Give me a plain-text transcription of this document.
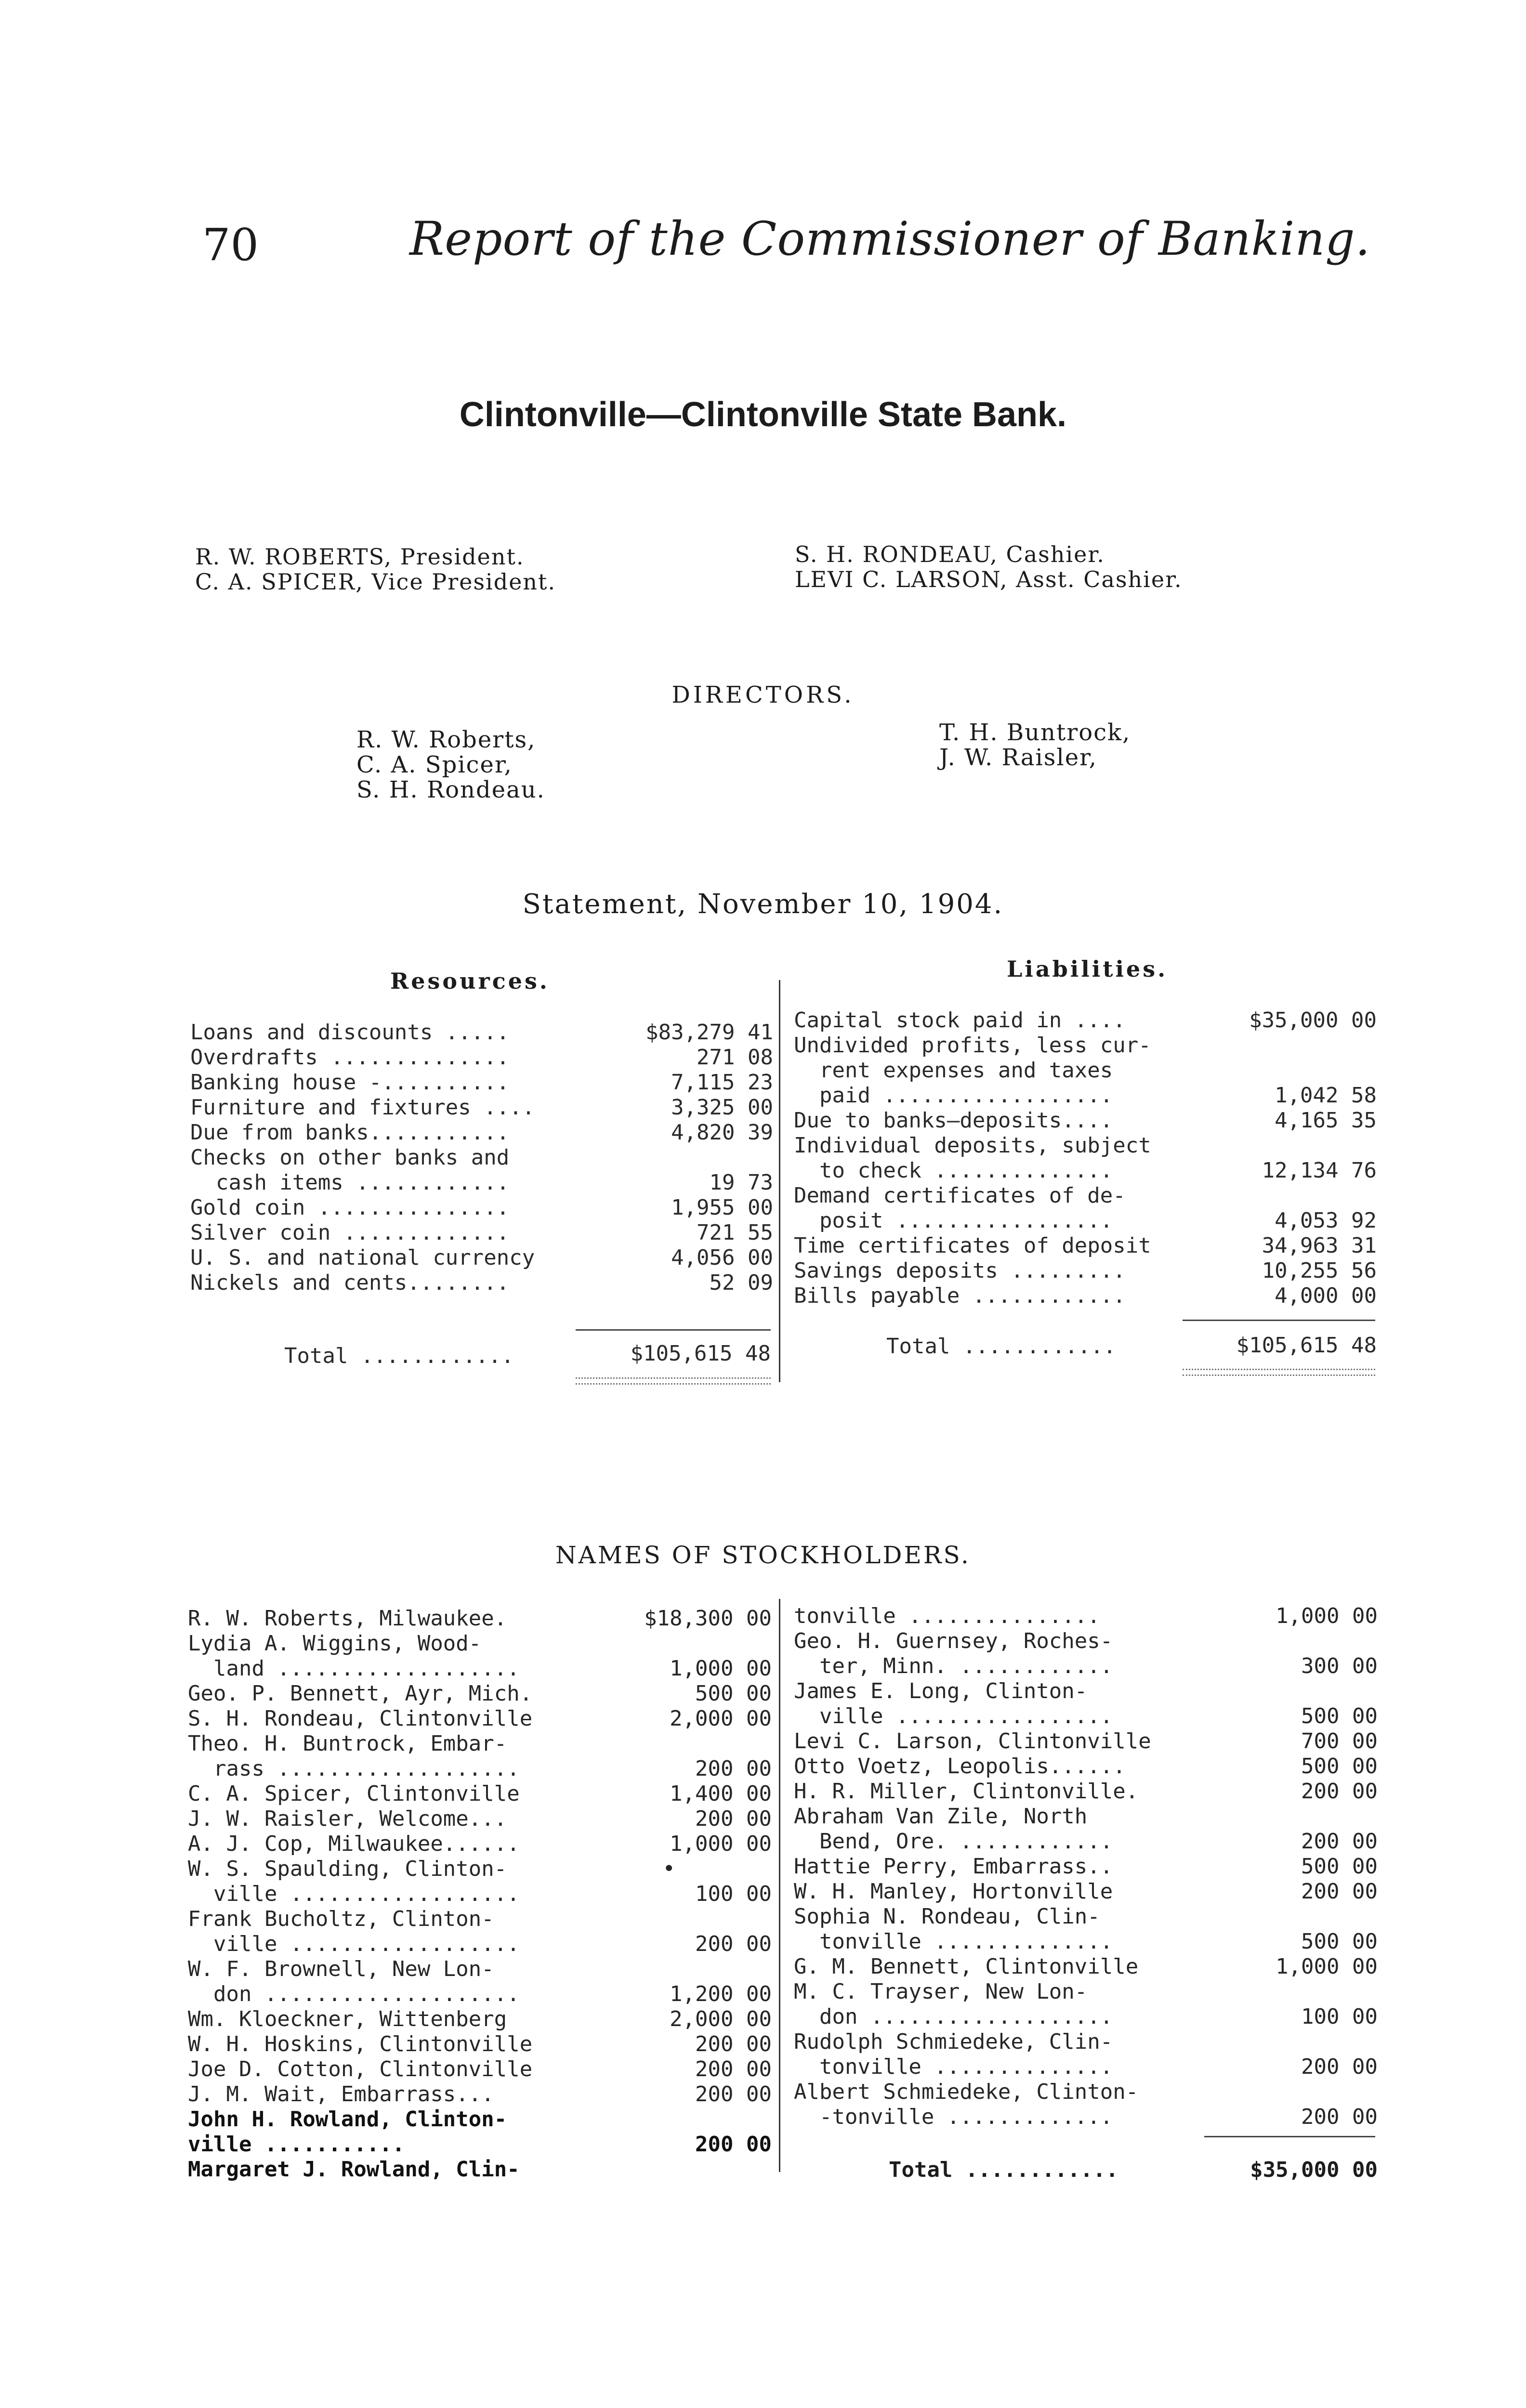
70	Report of the Commissioner of Banking.
Clintonville—Clintonville State Bank.
R. W. ROBERTS, President.
C. A. SPICER, Vice President.
S. H. RONDEAU, Cashier.
LEVI C. LARSON, Asst. Cashier.
DIRECTORS.
R. W. Roberts,
C. A. Spicer,
S. H. Rondeau.
T. H. Buntrock,
J. W. Raisler,
Statement, November 10, 1904.
Resources.	Liabilities.
Loans and discounts .....	$83,279 41
Overdrafts ..............	271 08
Banking house -..........	7,115 23
Furniture and fixtures ....	3,325 00
Due from banks...........	4,820 39
Checks on other banks and
cash items ............	19 73
Gold coin ...............	1,955 00
Silver coin .............	721 55
U. S. and national currency	4,056 00
Nickels and cents........	52 09
Total ............	$105,615 48
Capital stock paid in ....	$35,000 00
Undivided profits, less cur-
rent expenses and taxes
paid ..................	1,042 58
Due to banks—deposits....	4,165 35
Individual deposits, subject
to check ..............	12,134 76
Demand certificates of de-
posit .................	4,053 92
Time certificates of deposit	34,963 31
Savings deposits .........	10,255 56
Bills payable ............	4,000 00
Total ............	$105,615 48
NAMES OF STOCKHOLDERS.
R. W. Roberts, Milwaukee.	$18,300 00
Lydia A. Wiggins, Wood-
land ...................	1,000 00
Geo. P. Bennett, Ayr, Mich.	500 00
S. H. Rondeau, Clintonville	2,000 00
Theo. H. Buntrock, Embar-
rass ...................	200 00
C. A. Spicer, Clintonville	1,400 00
J. W. Raisler, Welcome...	200 00
A. J. Cop, Milwaukee......	1,000 00
W. S. Spaulding, Clinton-	•
ville ..................	100 00
Frank Bucholtz, Clinton-
ville ..................	200 00
W. F. Brownell, New Lon-
don ....................	1,200 00
Wm. Kloeckner, Wittenberg	2,000 00
W. H. Hoskins, Clintonville	200 00
Joe D. Cotton, Clintonville	200 00
J. M. Wait, Embarrass...	200 00
John H. Rowland, Clinton-
ville ...........	200 00
Margaret J. Rowland, Clin-
tonville ...............	1,000 00
Geo. H. Guernsey, Roches-
ter, Minn. ............	300 00
James E. Long, Clinton-
ville .................	500 00
Levi C. Larson, Clintonville	700 00
Otto Voetz, Leopolis......	500 00
H. R. Miller, Clintonville.	200 00
Abraham Van Zile, North
Bend, Ore. ............	200 00
Hattie Perry, Embarrass..	500 00
W. H. Manley, Hortonville	200 00
Sophia N. Rondeau, Clin-
tonville ..............	500 00
G. M. Bennett, Clintonville	1,000 00
M. C. Trayser, New Lon-
don ...................	100 00
Rudolph Schmiedeke, Clin-
tonville ..............	200 00
Albert Schmiedeke, Clinton-
-tonville .............	200 00
Total ............	$35,000 00
